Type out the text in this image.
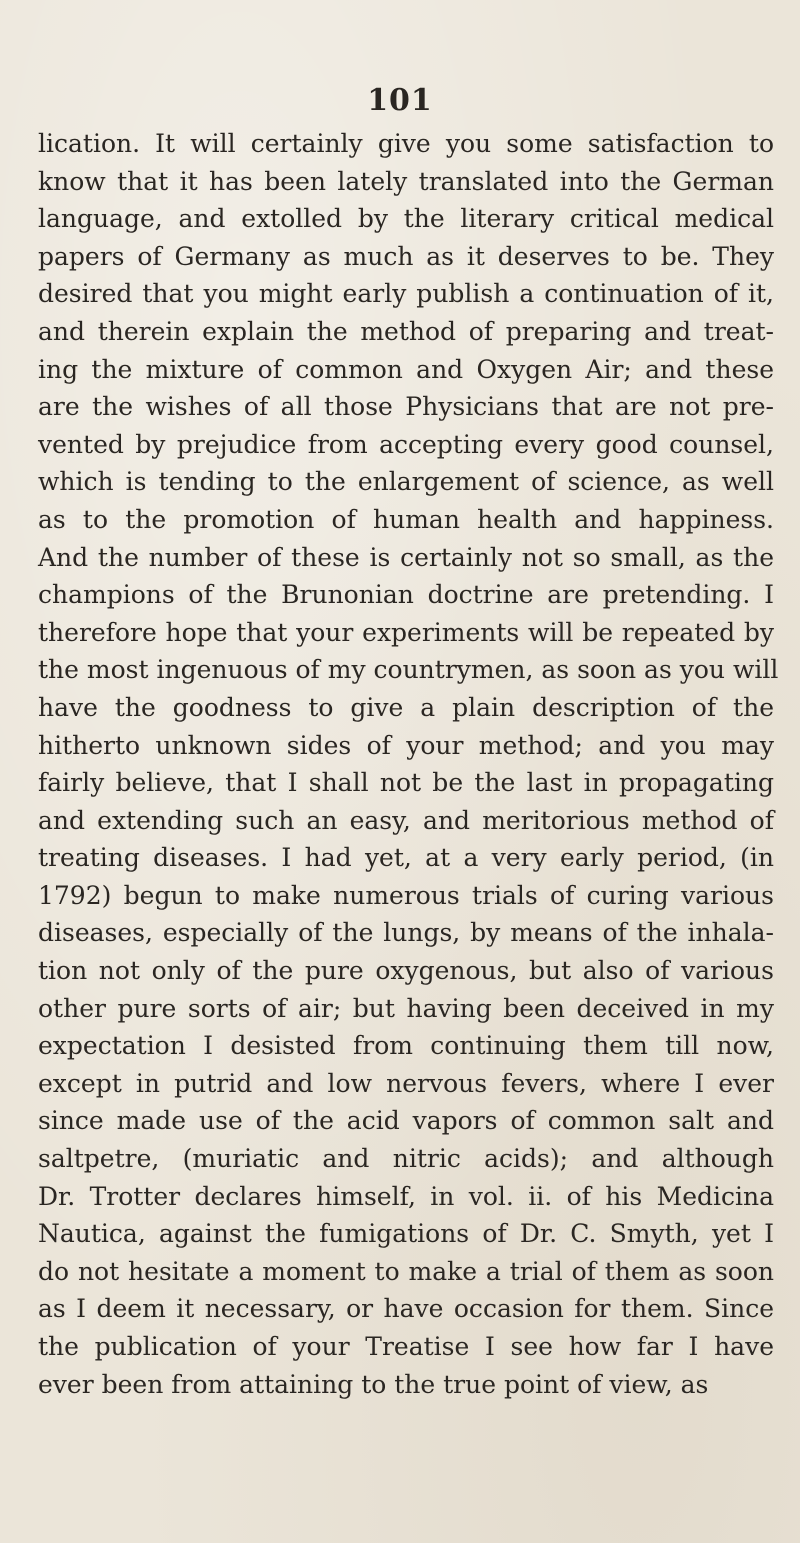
101
lication. It will certainly give you some satisfaction to
know that it has been lately translated into the German
language, and extolled by the literary critical medical
papers of Germany as much as it deserves to be. They
desired that you might early publish a continuation of it,
and therein explain the method of preparing and treat-
ing the mixture of common and Oxygen Air; and these
are the wishes of all those Physicians that are not pre-
vented by prejudice from accepting every good counsel,
which is tending to the enlargement of science, as well
as to the promotion of human health and happiness.
And the number of these is certainly not so small, as the
champions of the Brunonian doctrine are pretending. I
therefore hope that your experiments will be repeated by
the most ingenuous of my countrymen, as soon as you will
have the goodness to give a plain description of the
hitherto unknown sides of your method; and you may
fairly believe, that I shall not be the last in propagating
and extending such an easy, and meritorious method of
treating diseases. I had yet, at a very early period, (in
1792) begun to make numerous trials of curing various
diseases, especially of the lungs, by means of the inhala-
tion not only of the pure oxygenous, but also of various
other pure sorts of air; but having been deceived in my
expectation I desisted from continuing them till now,
except in putrid and low nervous fevers, where I ever
since made use of the acid vapors of common salt and
saltpetre, (muriatic and nitric acids); and although
Dr. Trotter declares himself, in vol. ii. of his Medicina
Nautica, against the fumigations of Dr. C. Smyth, yet I
do not hesitate a moment to make a trial of them as soon
as I deem it necessary, or have occasion for them. Since
the publication of your Treatise I see how far I have
ever been from attaining to the true point of view, as
